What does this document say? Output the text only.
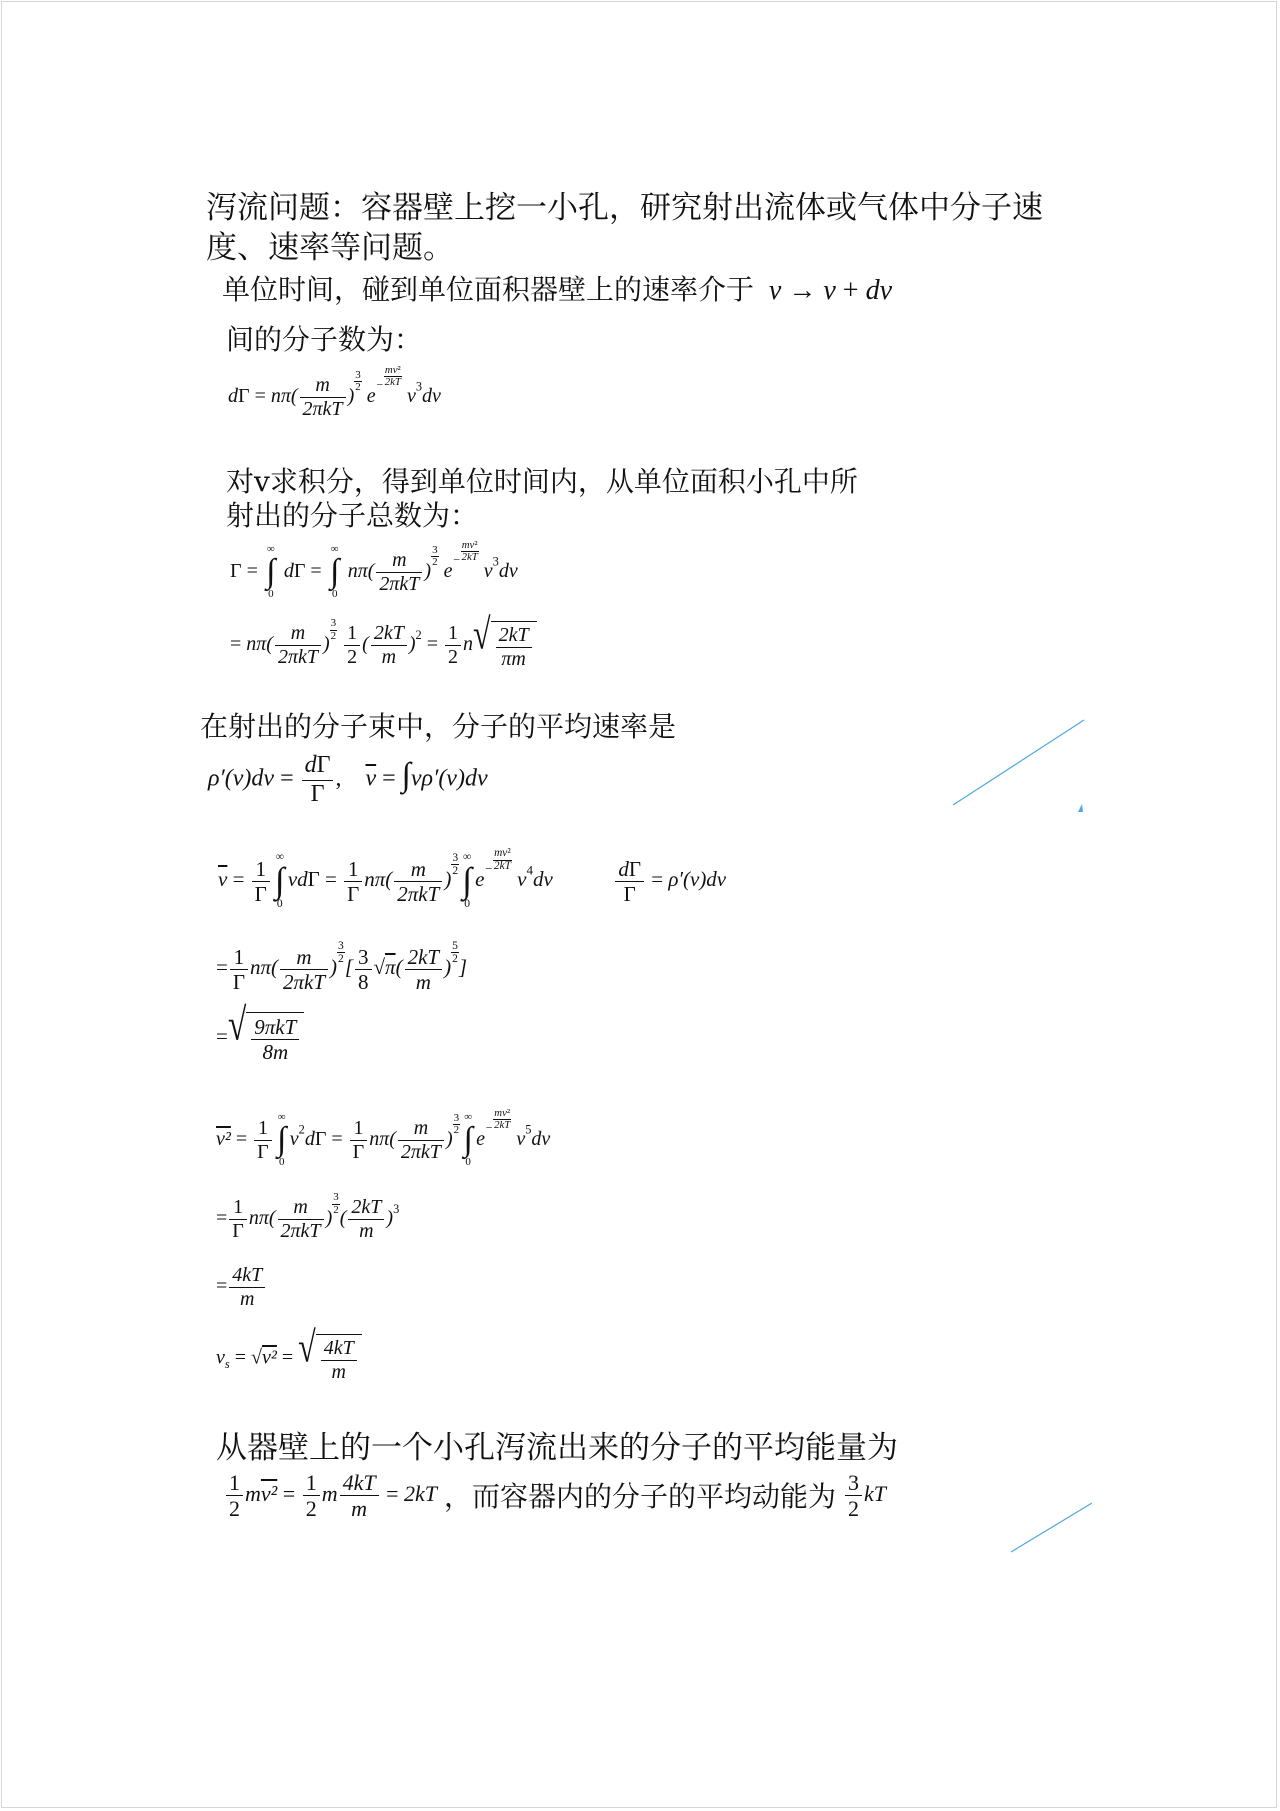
泻流问题：容器壁上挖一小孔，研究射出流体或气体中分子速
度、速率等问题。
单位时间，碰到单位面积器壁上的速率介于 v → v + dv
间的分子数为：
$d\Gamma = n\pi( \frac{m}{\text{2πkT}}$ )
$\frac{3}{2}$
$e- \frac{\text{mv²}}{2kT}$
$v^3dv$
对v求积分，得到单位时间内，从单位面积小孔中所
射出的分子总数为：
Γ =
∞
∫
0
dΓ =
∞
∫
0
$n\pi( \frac{m}{\text{2πkT}}$ )
$\frac{3}{2}$
$e- \frac{\text{mv²}}{2kT}$
$v^3dv$
= $n\pi( \frac{m}{\text{2πkT}}$ )
$\frac{3}{2}$
$\frac{1}{2}$ ( $\frac{2kT}{m} )^2 = \frac{1}{2}$ n √ $\frac{2kT}{\pi m}$
在射出的分子束中，分子的平均速率是
$\rho'(v)dv = \frac{d\Gamma}{\Gamma}$ , $\overline{v} = \int v\rho'(v)dv$
$\overline{v} = \frac{1}{\Gamma}$ ∞
∫
0
$vd\Gamma = \frac{1}{\Gamma} n\pi( \frac{m}{\text{2πkT}}$ )
$\frac{3}{2}$ ∞
∫
0
$e- \frac{\text{mv²}}{2kT}$
$v^4dv$	$\frac{d\Gamma}{\Gamma} = \rho'(v)dv$
= $\frac{1}{\Gamma} n\pi( \frac{m}{\text{2πkT}}$ )
$\frac{3}{2}$
[ $\frac{3}{8} √\pi( \frac{2kT}{m}$ )
$\frac{5}{2}$
]
= √ $\frac{\text{9πkT}}{8m}$
$v^2 = \frac{1}{\Gamma}$ ∞
∫
0
$v^2d\Gamma = \frac{1}{\Gamma} n\pi( \frac{m}{\text{2πkT}}$ )
$\frac{3}{2}$ ∞
∫
0
$e- \frac{\text{mv²}}{2kT}$
$v^5dv$
= $\frac{1}{\Gamma} n\pi( \frac{m}{\text{2πkT}}$ )
$\frac{3}{2}$
( $\frac{2kT}{m} )^3$
= $\frac{4kT}{m}$
$v_s = √v^2$ = √ $\frac{4kT}{m}$
从器壁上的一个小孔泻流出来的分子的平均能量为
$\frac{1}{2} mv^2 = \frac{1}{2}$ m $\frac{4kT}{m} = 2kT$ ，而容器内的分子的平均动能为 $\frac{3}{2}$ kT
